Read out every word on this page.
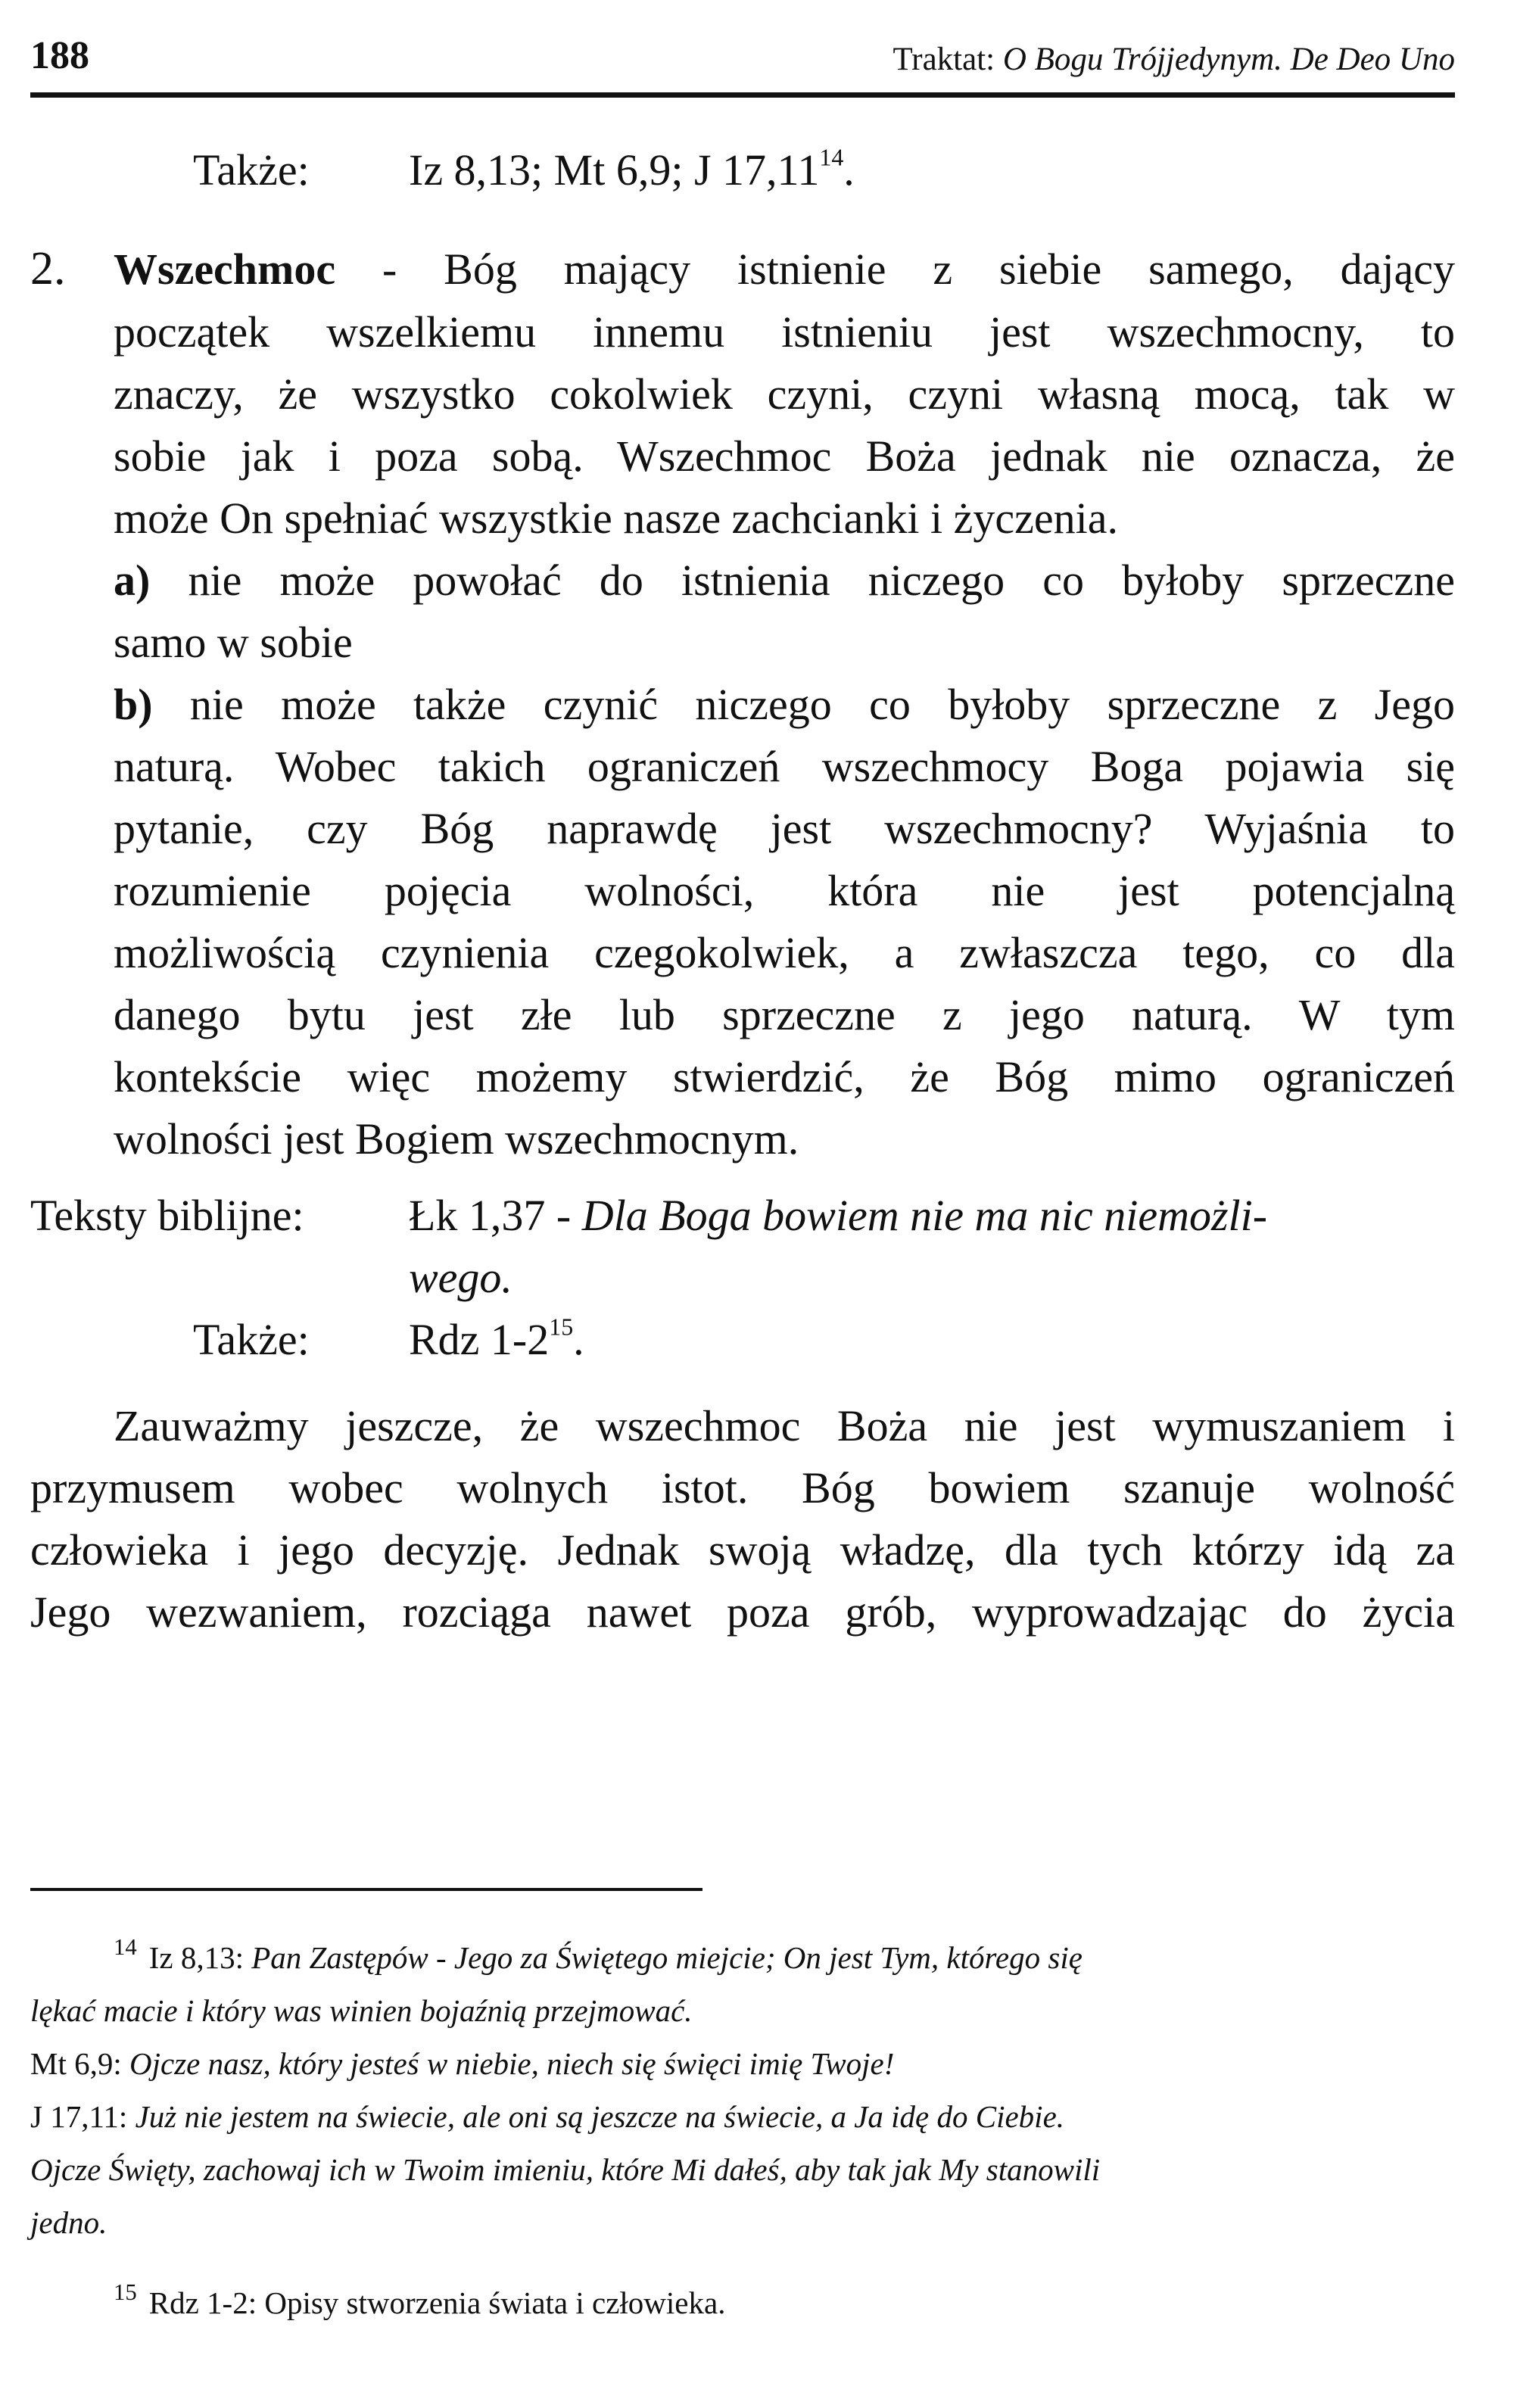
188	Traktat: O Bogu Trójjedynym. De Deo Uno
Także: Iz 8,13; Mt 6,9; J 17,11$^{14}$.
2. Wszechmoc - Bóg mający istnienie z siebie samego, dający
początek wszelkiemu innemu istnieniu jest wszechmocny, to
znaczy, że wszystko cokolwiek czyni, czyni własną mocą, tak w
sobie jak i poza sobą. Wszechmoc Boża jednak nie oznacza, że
może On spełniać wszystkie nasze zachcianki i życzenia.
a) nie może powołać do istnienia niczego co byłoby sprzeczne
samo w sobie
b) nie może także czynić niczego co byłoby sprzeczne z Jego
naturą. Wobec takich ograniczeń wszechmocy Boga pojawia się
pytanie, czy Bóg naprawdę jest wszechmocny? Wyjaśnia to
rozumienie pojęcia wolności, która nie jest potencjalną
możliwością czynienia czegokolwiek, a zwłaszcza tego, co dla
danego bytu jest złe lub sprzeczne z jego naturą. W tym
kontekście więc możemy stwierdzić, że Bóg mimo ograniczeń
wolności jest Bogiem wszechmocnym.
Teksty biblijne: Łk 1,37 - Dla Boga bowiem nie ma nic niemożli-
wego.
Także: Rdz $1-2^{15}$.
Zauważmy jeszcze, że wszechmoc Boża nie jest wymuszaniem i
przymusem wobec wolnych istot. Bóg bowiem szanuje wolność
człowieka i jego decyzję. Jednak swoją władzę, dla tych którzy idą za
Jego wezwaniem, rozciąga nawet poza grób, wyprowadzając do życia
$^{14}$ Iz 8,13: Pan Zastępów - Jego za Świętego miejcie; On jest Tym, którego się
lękać macie i który was winien bojaźnią przejmować.
Mt 6,9: Ojcze nasz, który jesteś w niebie, niech się święci imię Twoje!
J 17,11: Już nie jestem na świecie, ale oni są jeszcze na świecie, a Ja idę do Ciebie.
Ojcze Święty, zachowaj ich w Twoim imieniu, które Mi dałeś, aby tak jak My stanowili
jedno.
$^{15}$ Rdz 1-2: Opisy stworzenia świata i człowieka.
